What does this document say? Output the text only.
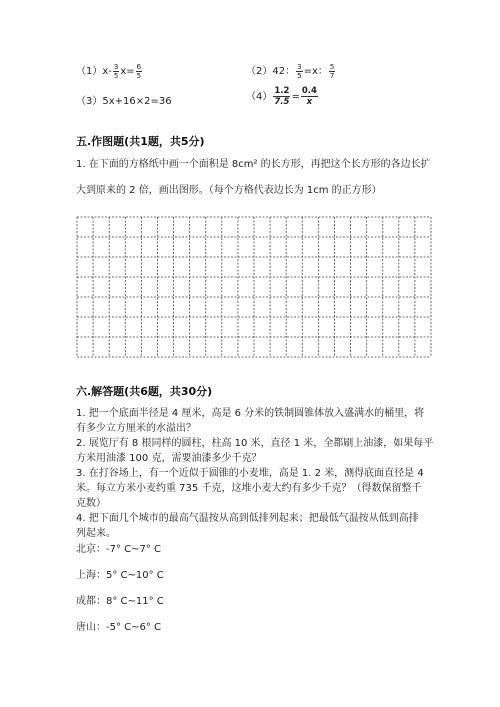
$(1)x- \frac{3}{5} x= \frac{6}{5}$	（2）42： $\frac{3}{5} =x$： $\frac{5}{7}$
（3）5x+16×2=36	$(4) \frac{1.2}{7.5} = \frac{0.4}{x}$
五.作图题(共1题，共5分)
1. 在下面的方格纸中画一个面积是 8cm² 的长方形，再把这个长方形的各边长扩
大到原来的 2 倍，画出图形。（每个方格代表边长为 1cm 的正方形）
六.解答题(共6题，共30分)
1. 把一个底面半径是 4 厘米，高是 6 分米的铁制圆锥体放入盛满水的桶里，将
有多少立方厘米的水溢出？
2. 展览厅有 8 根同样的圆柱，柱高 10 米，直径 1 米，全都刷上油漆，如果每平
方米用油漆 100 克，需要油漆多少千克？
3. 在打谷场上，有一个近似于圆锥的小麦堆，高是 1. 2 米，测得底面直径是 4
米。每立方米小麦约重 735 千克，这堆小麦大约有多少千克？（得数保留整千
克数）
4. 把下面几个城市的最高气温按从高到低排列起来；把最低气温按从低到高排
列起来。
北京：-7° C~7° C
上海：5° C~10° C
成都：8° C~11° C
唐山：-5° C~6° C
